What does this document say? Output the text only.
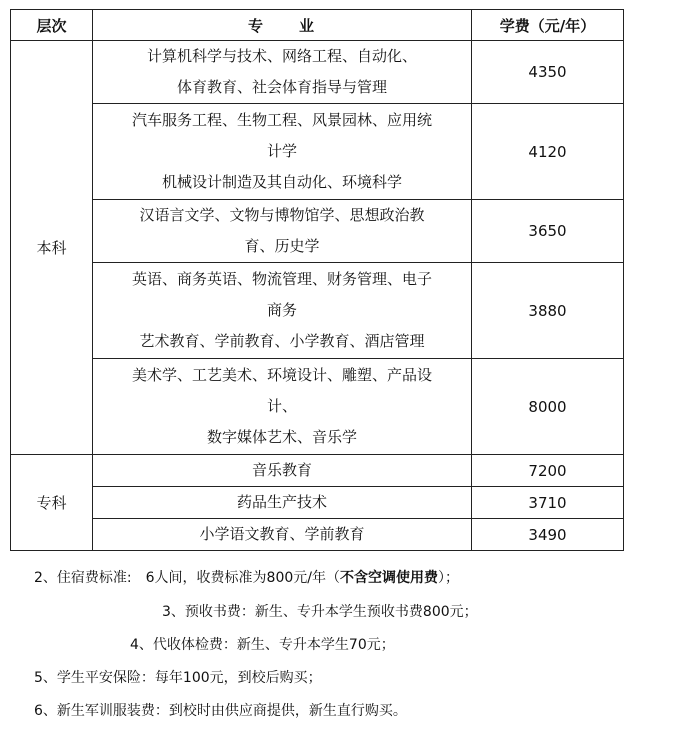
层次	专　　业	学费（元/年）
本科	计算机科学与技术、网络工程、自动化、
体育教育、社会体育指导与管理	4350

	汽车服务工程、生物工程、风景园林、应用统
计学
机械设计制造及其自动化、环境科学	4120

	汉语言文学、文物与博物馆学、思想政治教
育、历史学	3650

	英语、商务英语、物流管理、财务管理、电子
商务
艺术教育、学前教育、小学教育、酒店管理	3880

	美术学、工艺美术、环境设计、雕塑、产品设
计、
数字媒体艺术、音乐学	8000
专科	音乐教育	7200
	药品生产技术	3710
	小学语文教育、学前教育	3490
2、住宿费标准:　6人间，收费标准为800元/年（不含空调使用费）；
3、预收书费：新生、专升本学生预收书费800元；
4、代收体检费：新生、专升本学生70元；
5、学生平安保险：每年100元，到校后购买；
6、新生军训服装费：到校时由供应商提供，新生直行购买。
